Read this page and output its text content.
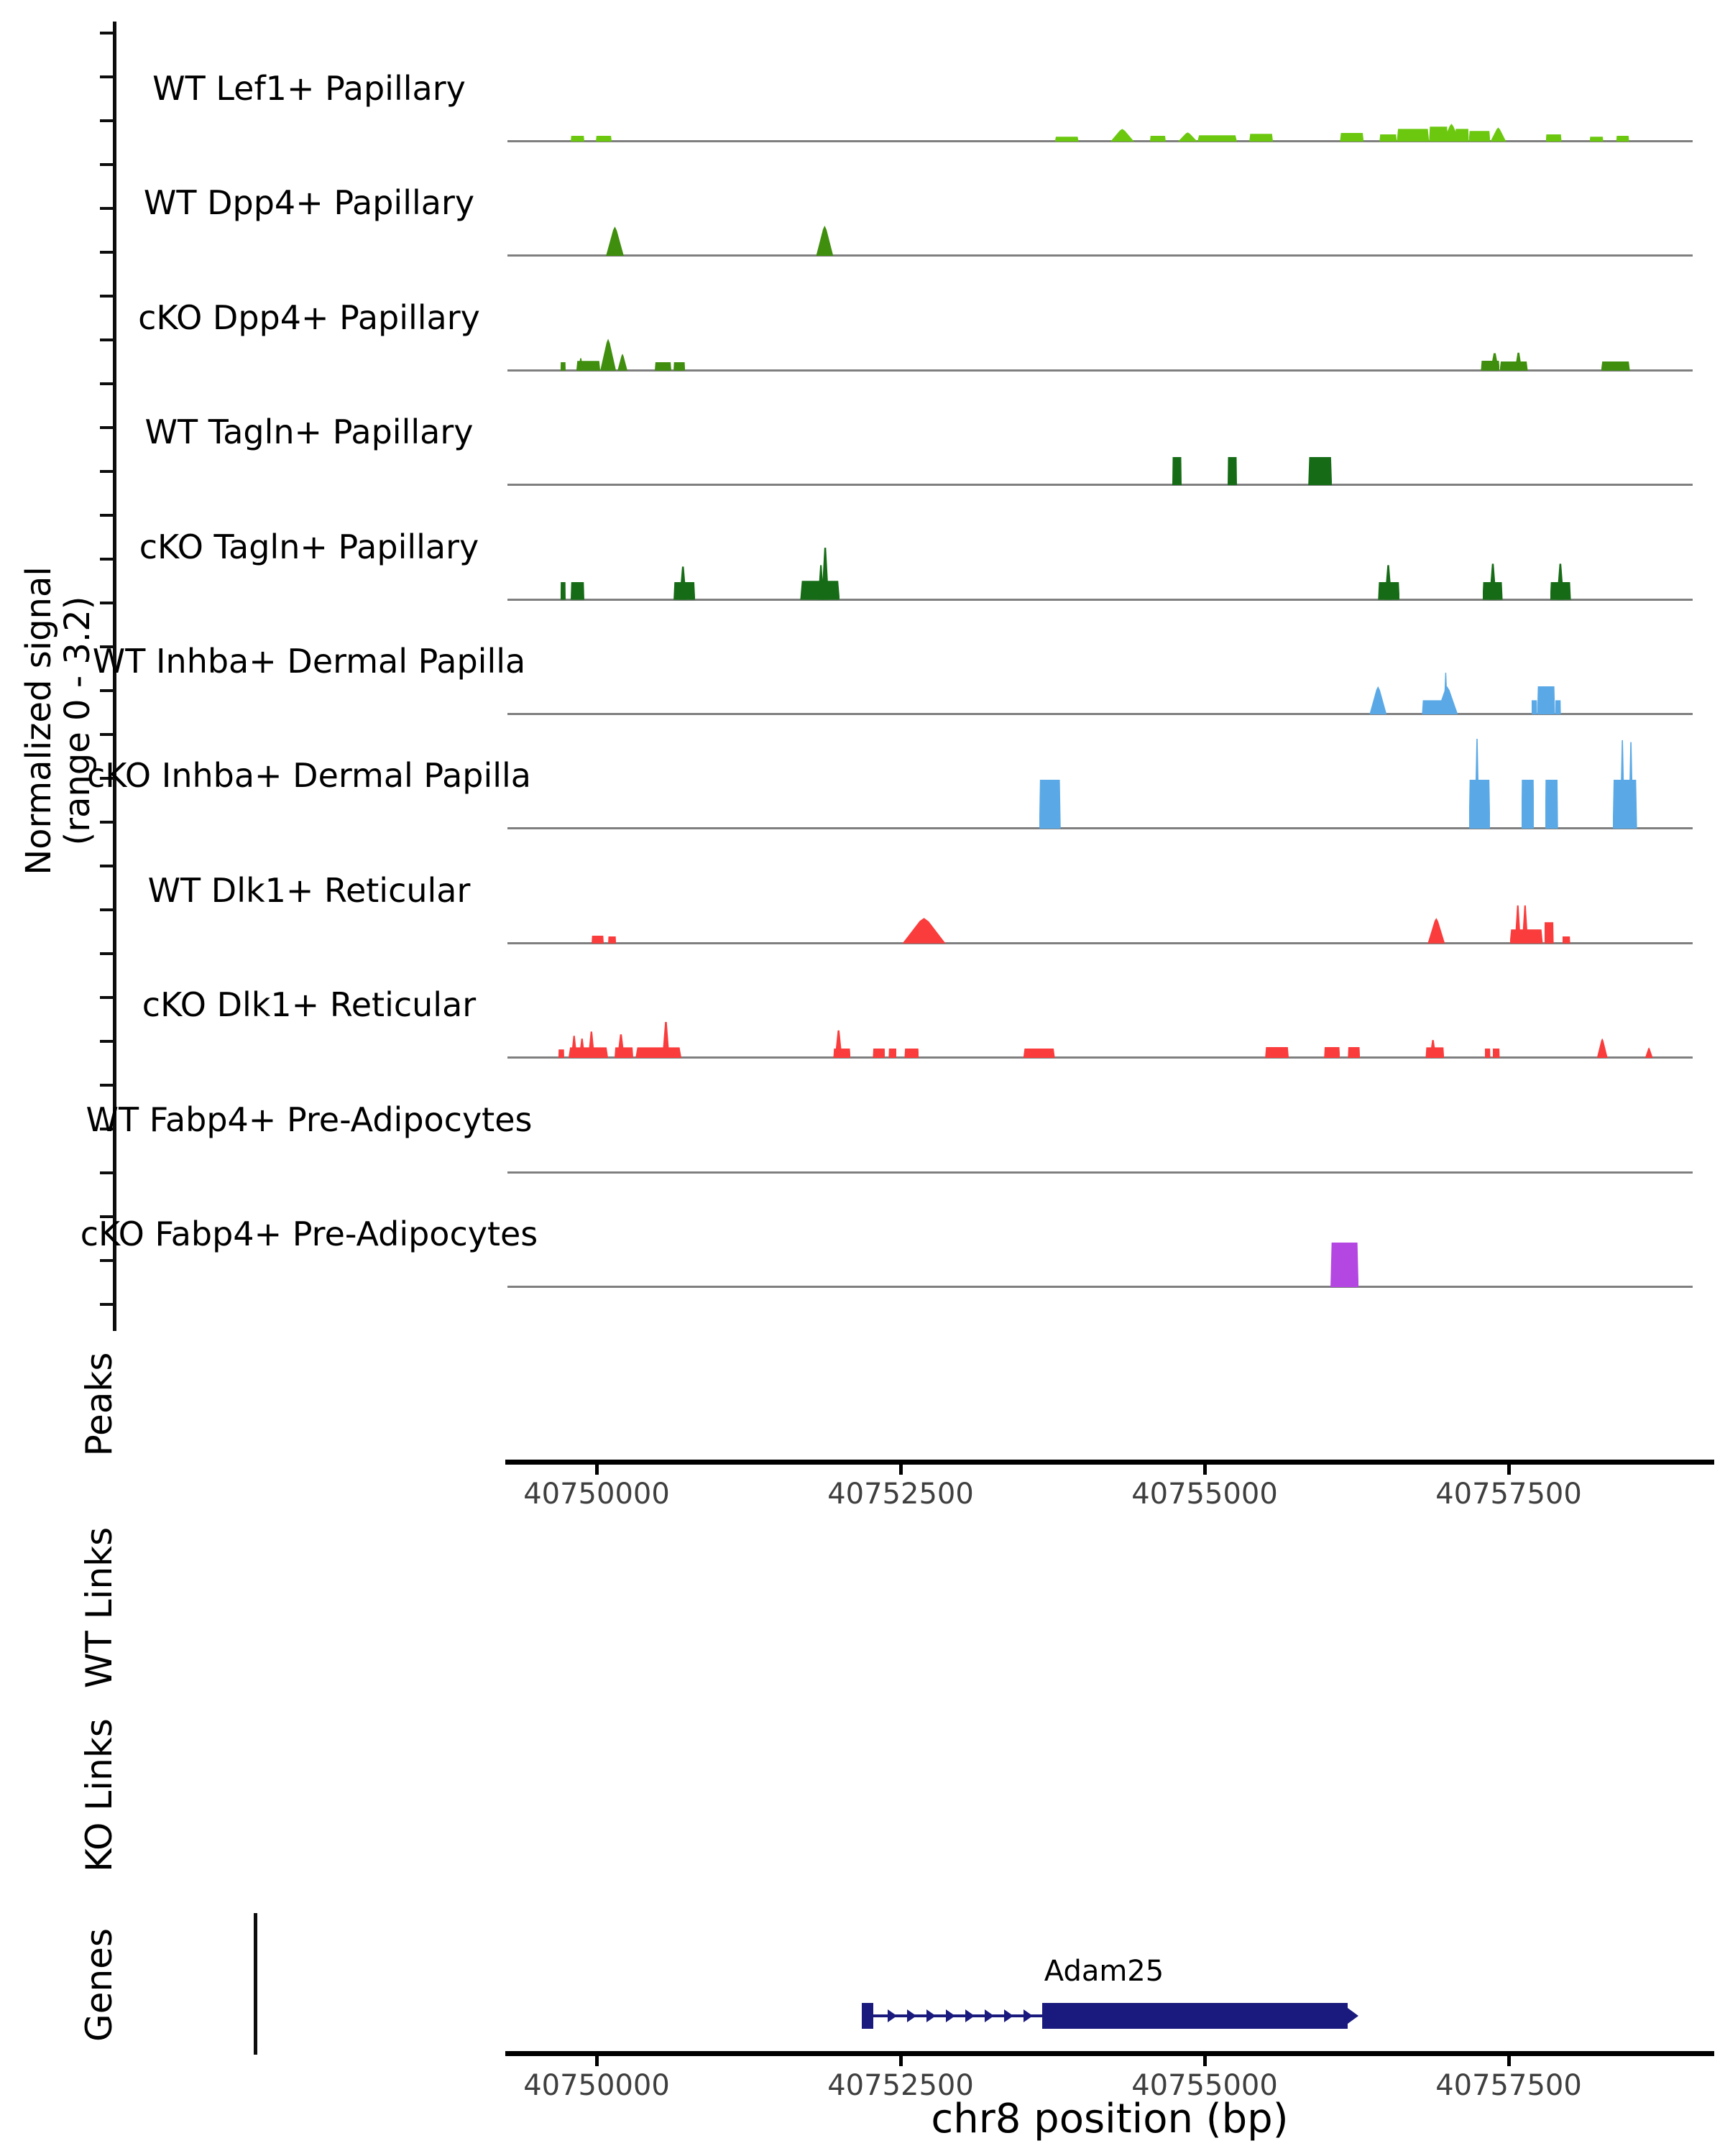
Normalized signal
(range 0 - 3.2)
WT Lef1+ Papillary
WT Dpp4+ Papillary
cKO Dpp4+ Papillary
WT Tagln+ Papillary
cKO Tagln+ Papillary
WT Inhba+ Dermal Papilla
cKO Inhba+ Dermal Papilla
WT Dlk1+ Reticular
cKO Dlk1+ Reticular
WT Fabp4+ Pre-Adipocytes
cKO Fabp4+ Pre-Adipocytes
Peaks
WT Links
KO Links
Genes
40750000	40752500	40755000	40757500
Adam25
40750000	40752500	40755000	40757500
chr8 position (bp)
